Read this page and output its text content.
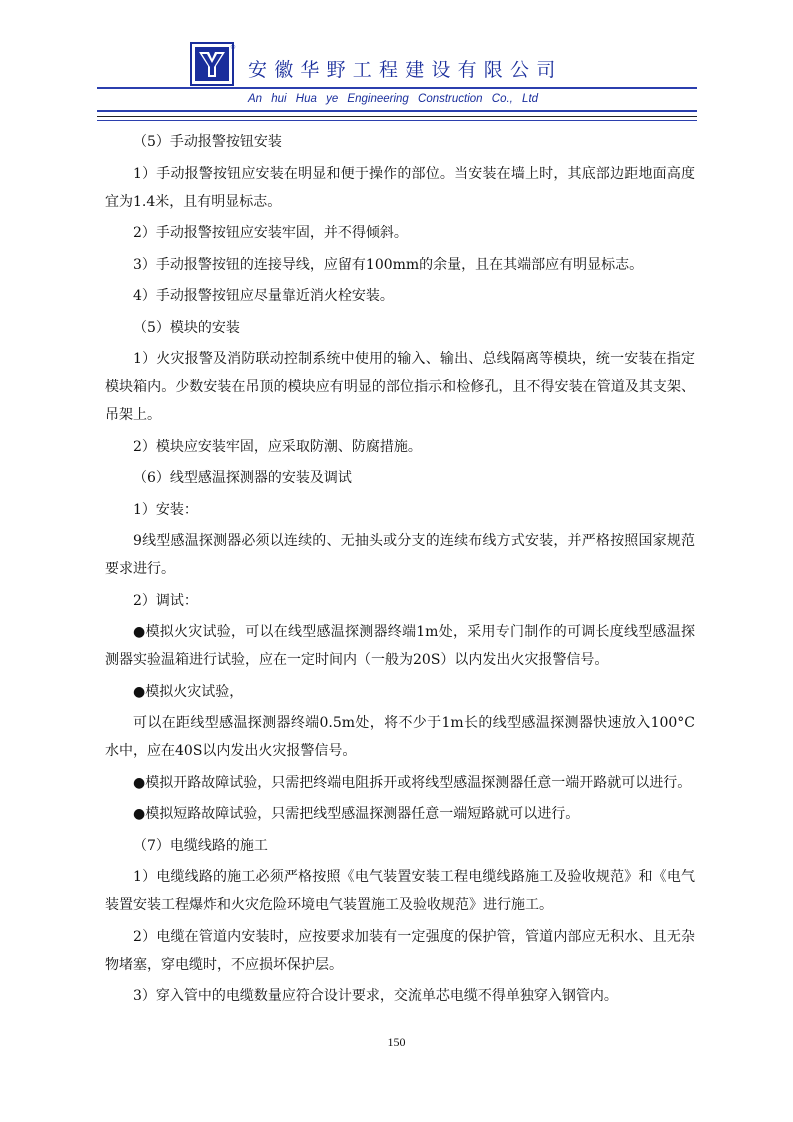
®
安徽华野工程建设有限公司
An hui Hua ye Engineering Construction Co., Ltd

（5）手动报警按钮安装

1）手动报警按钮应安装在明显和便于操作的部位。当安装在墙上时，其底部边距地面高度宜为1.4米，且有明显标志。

2）手动报警按钮应安装牢固，并不得倾斜。

3）手动报警按钮的连接导线，应留有100mm的余量，且在其端部应有明显标志。

4）手动报警按钮应尽量靠近消火栓安装。

（5）模块的安装

1）火灾报警及消防联动控制系统中使用的输入、输出、总线隔离等模块，统一安装在指定模块箱内。少数安装在吊顶的模块应有明显的部位指示和检修孔，且不得安装在管道及其支架、吊架上。

2）模块应安装牢固，应采取防潮、防腐措施。

（6）线型感温探测器的安装及调试

1）安装：

9线型感温探测器必须以连续的、无抽头或分支的连续布线方式安装，并严格按照国家规范要求进行。

2）调试：

●模拟火灾试验，可以在线型感温探测器终端1m处，采用专门制作的可调长度线型感温探测器实验温箱进行试验，应在一定时间内（一般为20S）以内发出火灾报警信号。

●模拟火灾试验，

可以在距线型感温探测器终端0.5m处，将不少于1m长的线型感温探测器快速放入100°C水中，应在40S以内发出火灾报警信号。

●模拟开路故障试验，只需把终端电阻拆开或将线型感温探测器任意一端开路就可以进行。

●模拟短路故障试验，只需把线型感温探测器任意一端短路就可以进行。

（7）电缆线路的施工

1）电缆线路的施工必须严格按照《电气装置安装工程电缆线路施工及验收规范》和《电气装置安装工程爆炸和火灾危险环境电气装置施工及验收规范》进行施工。

2）电缆在管道内安装时，应按要求加装有一定强度的保护管，管道内部应无积水、且无杂物堵塞，穿电缆时，不应损坏保护层。

3）穿入管中的电缆数量应符合设计要求，交流单芯电缆不得单独穿入钢管内。

150
